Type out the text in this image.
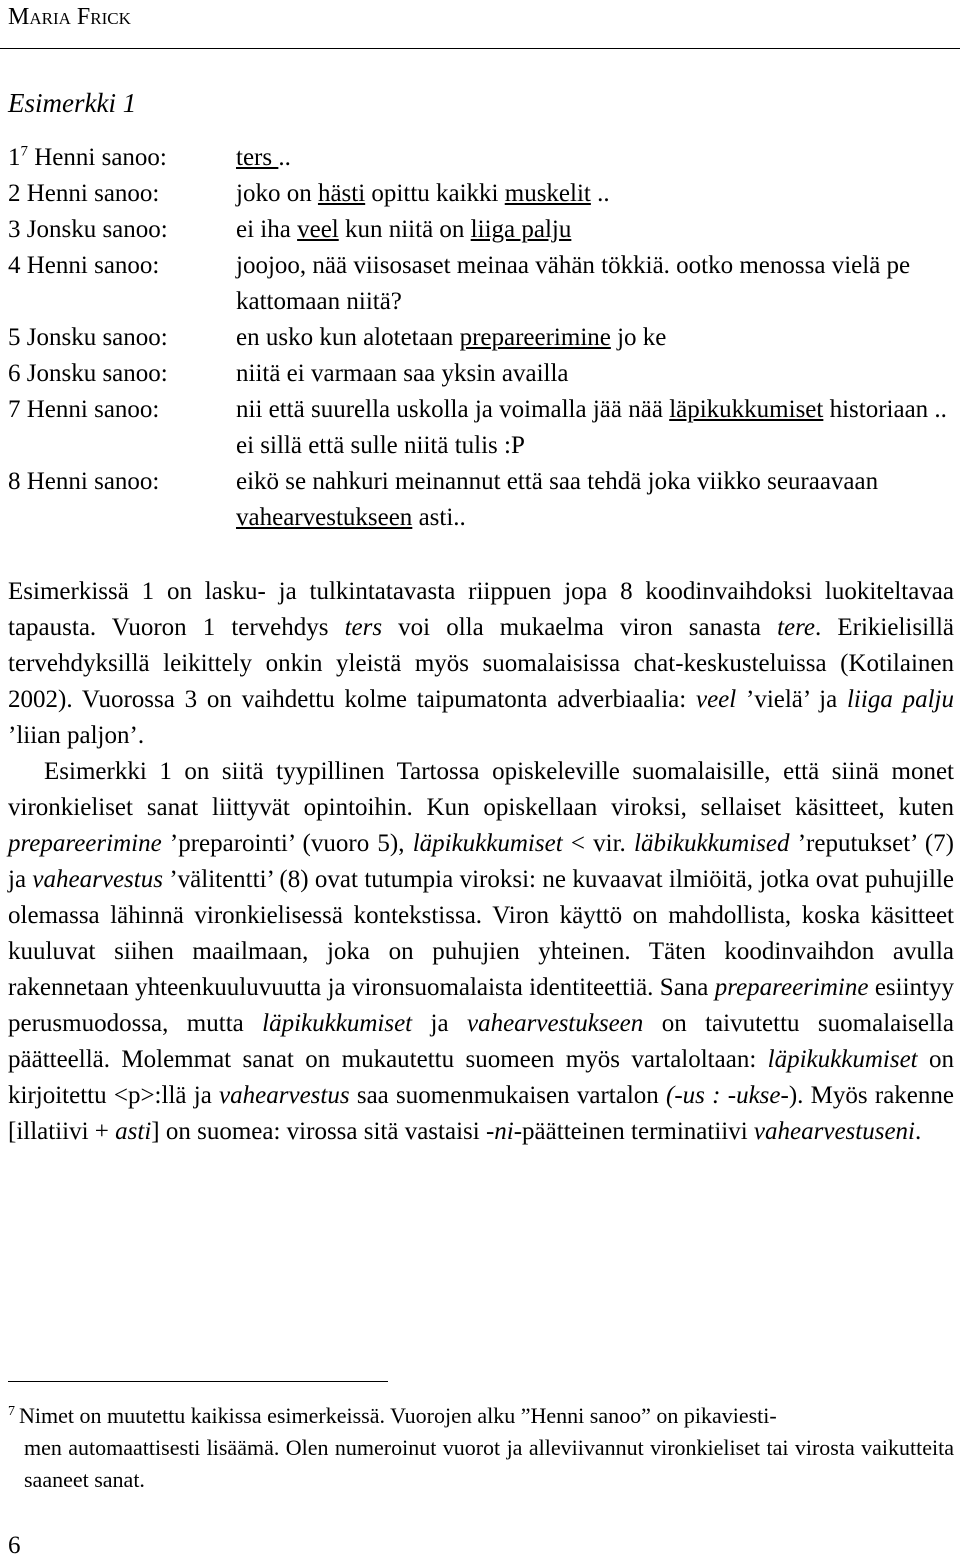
Maria Frick
Esimerkki 1
$1^7$ Henni sanoo:	ters ..
2 Henni sanoo:	joko on hästi opittu kaikki muskelit ..
3 Jonsku sanoo:	ei iha veel kun niitä on liiga palju
4 Henni sanoo:	joojoo, nää viisosaset meinaa vähän tökkiä. ootko menossa vielä pe kattomaan niitä?
5 Jonsku sanoo:	en usko kun alotetaan prepareerimine jo ke
6 Jonsku sanoo:	niitä ei varmaan saa yksin availla
7 Henni sanoo:	nii että suurella uskolla ja voimalla jää nää läpikukkumiset historiaan .. ei sillä että sulle niitä tulis :P
8 Henni sanoo:	eikö se nahkuri meinannut että saa tehdä joka viikko seuraavaan vahearvestukseen asti..

Esimerkissä 1 on lasku- ja tulkintatavasta riippuen jopa 8 koodinvaihdoksi luokiteltavaa tapausta. Vuoron 1 tervehdys ters voi olla mukaelma viron sanasta tere. Erikielisillä tervehdyksillä leikittely onkin yleistä myös suomalaisissa chat-keskusteluissa (Kotilainen 2002). Vuorossa 3 on vaihdettu kolme taipumatonta adverbiaalia: veel ’vielä’ ja liiga palju ’liian paljon’.

Esimerkki 1 on siitä tyypillinen Tartossa opiskeleville suomalaisille, että siinä monet vironkieliset sanat liittyvät opintoihin. Kun opiskellaan viroksi, sellaiset käsitteet, kuten prepareerimine ’preparointi’ (vuoro 5), läpikukkumiset < vir. läbikukkumised ’reputukset’ (7) ja vahearvestus ’välitentti’ (8) ovat tutumpia viroksi: ne kuvaavat ilmiöitä, jotka ovat puhujille olemassa lähinnä vironkielisessä kontekstissa. Viron käyttö on mahdollista, koska käsitteet kuuluvat siihen maailmaan, joka on puhujien yhteinen. Täten koodinvaihdon avulla rakennetaan yhteenkuuluvuutta ja vironsuomalaista identiteettiä. Sana prepareerimine esiintyy perusmuodossa, mutta läpikukkumiset ja vahearvestukseen on taivutettu suomalaisella päätteellä. Molemmat sanat on mukautettu suomeen myös vartaloltaan: läpikukkumiset on kirjoitettu <p>:llä ja vahearvestus saa suomenmukaisen vartalon (-us : -ukse-). Myös rakenne [illatiivi + asti] on suomea: virossa sitä vastaisi -ni-päätteinen terminatiivi vahearvestuseni.

$^7$ Nimet on muutettu kaikissa esimerkeissä. Vuorojen alku ”Henni sanoo” on pikaviesti-
men automaattisesti lisäämä. Olen numeroinut vuorot ja alleviivannut vironkieliset tai virosta vaikutteita saaneet sanat.
6
